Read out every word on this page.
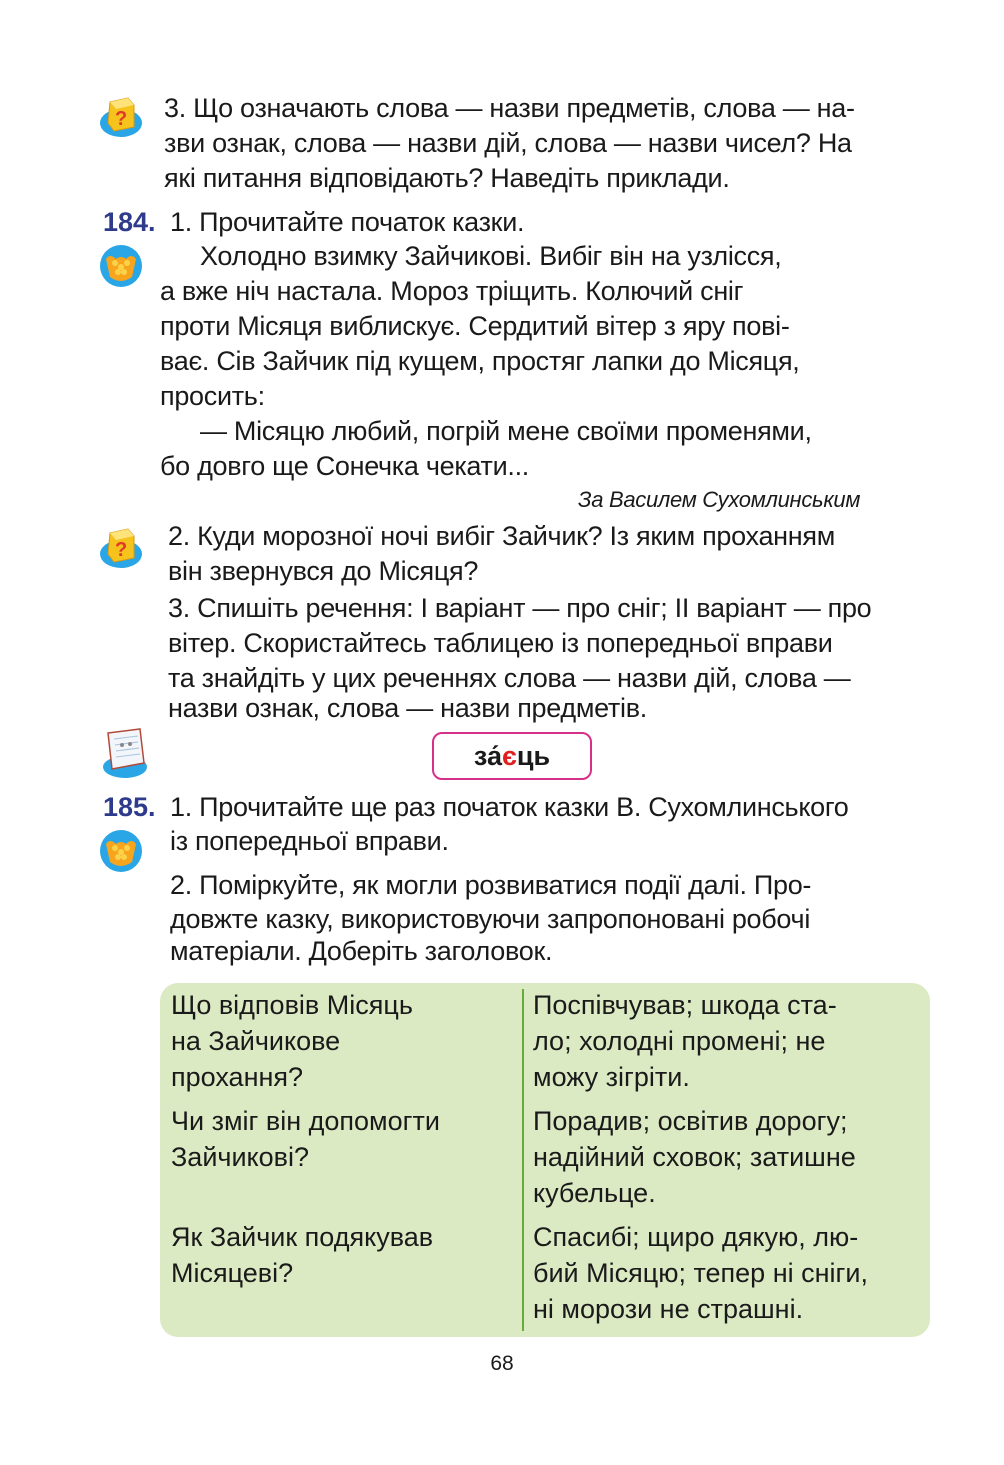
? 3. Що означають слова — назви предметів, слова — на-
зви ознак, слова — назви дій, слова — назви чисел? На
які питання відповідають? Наведіть приклади.
184. 1. Прочитайте початок казки.
Холодно взимку Зайчикові. Вибіг він на узлісся,
а вже ніч настала. Мороз тріщить. Колючий сніг
проти Місяця виблискує. Сердитий вітер з яру пові-
ває. Сів Зайчик під кущем, простяг лапки до Місяця,
просить:
— Місяцю любий, погрій мене своїми променями,
бо довго ще Сонечка чекати...
За Василем Сухомлинським
? 2. Куди морозної ночі вибіг Зайчик? Із яким проханням
він звернувся до Місяця?
3. Спишіть речення: І варіант — про сніг; ІІ варіант — про
вітер. Скористайтесь таблицею із попередньої вправи
та знайдіть у цих реченнях слова — назви дій, слова —
назви ознак, слова — назви предметів.
за́ є ць
185. 1. Прочитайте ще раз початок казки В. Сухомлинського
із попередньої вправи.
2. Поміркуйте, як могли розвиватися події далі. Про-
довжте казку, використовуючи запропоновані робочі
матеріали. Доберіть заголовок.
Що відповів Місяць
на Зайчикове
прохання?
Поспівчував; шкода ста-
ло; холодні промені; не
можу зігріти.
Чи зміг він допомогти
Зайчикові?
Порадив; освітив дорогу;
надійний сховок; затишне
кубельце.
Як Зайчик подякував
Місяцеві?
Спасибі; щиро дякую, лю-
бий Місяцю; тепер ні сніги,
ні морози не страшні.
68
